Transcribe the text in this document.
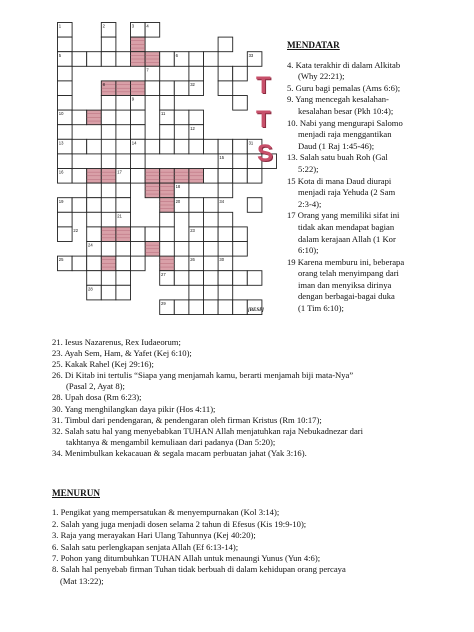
1	2	3	4
5	6
7
8
9
10	11
12
13	14
15
16	17
18
19	20
21
22	23
24
25	26
27
28
29
30
31
32
33
34
[BESP]
T
T
S
MENDATAR
4. Kata terakhir di dalam Alkitab
(Why 22:21);
5. Guru bagi pemalas (Ams 6:6);
9. Yang mencegah kesalahan-
kesalahan besar (Pkh 10:4);
10. Nabi yang mengurapi Salomo
menjadi raja menggantikan
Daud (1 Raj 1:45-46);
13. Salah satu buah Roh (Gal
5:22);
15 Kota di mana Daud diurapi
menjadi raja Yehuda (2 Sam
2:3-4);
17 Orang yang memiliki sifat ini
tidak akan mendapat bagian
dalam kerajaan Allah (1 Kor
6:10);
19 Karena memburu ini, beberapa
orang telah menyimpang dari
iman dan menyiksa dirinya
dengan berbagai-bagai duka
(1 Tim 6:10);
21. Iesus Nazarenus, Rex Iudaeorum;
23. Ayah Sem, Ham, & Yafet (Kej 6:10);
25. Kakak Rahel (Kej 29:16);
26. Di Kitab ini tertulis “Siapa yang menjamah kamu, berarti menjamah biji mata-Nya”
(Pasal 2, Ayat 8);
28. Upah dosa (Rm 6:23);
30. Yang menghilangkan daya pikir (Hos 4:11);
31. Timbul dari pendengaran, & pendengaran oleh firman Kristus (Rm 10:17);
32. Salah satu hal yang menyebabkan TUHAN Allah menjatuhkan raja Nebukadnezar dari
takhtanya & mengambil kemuliaan dari padanya (Dan 5:20);
34. Menimbulkan kekacauan & segala macam perbuatan jahat (Yak 3:16).
MENURUN
1. Pengikat yang mempersatukan & menyempurnakan (Kol 3:14);
2. Salah yang juga menjadi dosen selama 2 tahun di Efesus (Kis 19:9-10);
3. Raja yang merayakan Hari Ulang Tahunnya (Kej 40:20);
6. Salah satu perlengkapan senjata Allah (Ef 6:13-14);
7. Pohon yang ditumbuhkan TUHAN Allah untuk menaungi Yunus (Yun 4:6);
8. Salah hal penyebab firman Tuhan tidak berbuah di dalam kehidupan orang percaya
(Mat 13:22);
